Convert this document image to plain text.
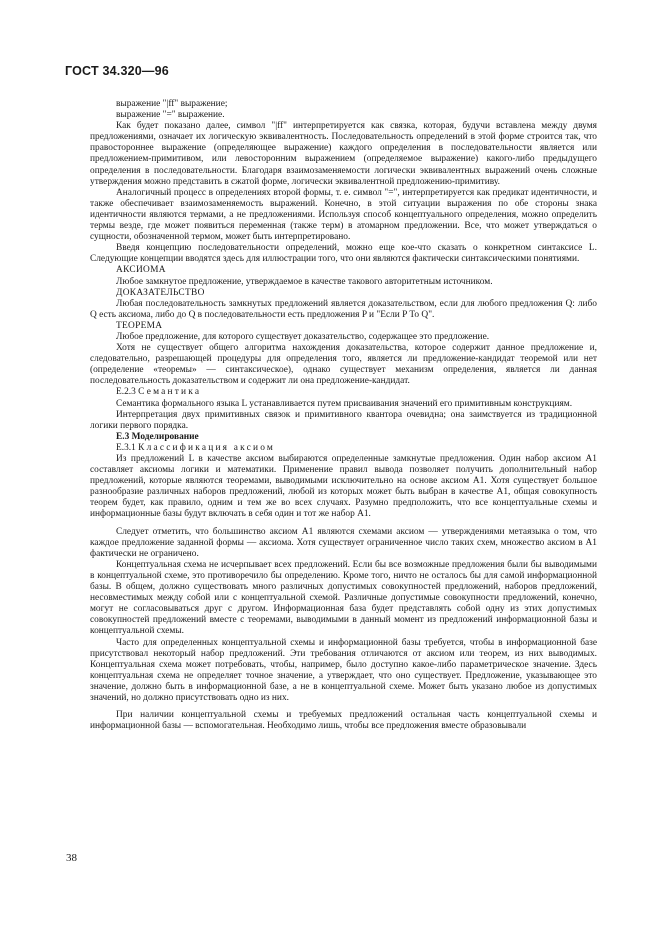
ГОСТ 34.320—96

выражение "|ff" выражение;

выражение "=" выражение.

Как будет показано далее, символ "|ff" интерпретируется как связка, которая, будучи вставлена между двумя предложениями, означает их логическую эквивалентность. Последовательность определений в этой форме строится так, что правостороннее выражение (определяющее выражение) каждого определения в последовательности является или предложением-примитивом, или левосторонним выражением (определяемое выражение) какого-либо предыдущего определения в последовательности. Благодаря взаимозаменяемости логически эквивалентных выражений очень сложные утверждения можно представить в сжатой форме, логически эквивалентной предложению-примитиву.

Аналогичный процесс в определениях второй формы, т. е. символ "=", интерпретируется как предикат идентичности, и также обеспечивает взаимозаменяемость выражений. Конечно, в этой ситуации выражения по обе стороны знака идентичности являются термами, а не предложениями. Используя способ концептуального определения, можно определить термы везде, где может появиться переменная (также терм) в атомарном предложении. Все, что может утверждаться о сущности, обозначенной термом, может быть интерпретировано.

Введя концепцию последовательности определений, можно еще кое-что сказать о конкретном синтаксисе L. Следующие концепции вводятся здесь для иллюстрации того, что они являются фактически синтаксическими понятиями.

АКСИОМА

Любое замкнутое предложение, утверждаемое в качестве такового авторитетным источником.

ДОКАЗАТЕЛЬСТВО

Любая последовательность замкнутых предложений является доказательством, если для любого предложения Q: либо Q есть аксиома, либо до Q в последовательности есть предложения P и "Если P То Q".

ТЕОРЕМА

Любое предложение, для которого существует доказательство, содержащее это предложение.

Хотя не существует общего алгоритма нахождения доказательства, которое содержит данное предложение и, следовательно, разрешающей процедуры для определения того, является ли предложение-кандидат теоремой или нет (определение «теоремы» — синтаксическое), однако существует механизм определения, является ли данная последовательность доказательством и содержит ли она предложение-кандидат.

Е.2.3 Семантика

Семантика формального языка L устанавливается путем присваивания значений его примитивным конструкциям.

Интерпретация двух примитивных связок и примитивного квантора очевидна; она заимствуется из традиционной логики первого порядка.

Е.3 Моделирование

Е.3.1 Классификация аксиом

Из предложений L в качестве аксиом выбираются определенные замкнутые предложения. Один набор аксиом A1 составляет аксиомы логики и математики. Применение правил вывода позволяет получить дополнительный набор предложений, которые являются теоремами, выводимыми исключительно на основе аксиом A1. Хотя существует большое разнообразие различных наборов предложений, любой из которых может быть выбран в качестве A1, общая совокупность теорем будет, как правило, одним и тем же во всех случаях. Разумно предположить, что все концептуальные схемы и информационные базы будут включать в себя один и тот же набор A1.

Следует отметить, что большинство аксиом A1 являются схемами аксиом — утверждениями метаязыка о том, что каждое предложение заданной формы — аксиома. Хотя существует ограниченное число таких схем, множество аксиом в A1 фактически не ограничено.

Концептуальная схема не исчерпывает всех предложений. Если бы все возможные предложения были бы выводимыми в концептуальной схеме, это противоречило бы определению. Кроме того, ничто не осталось бы для самой информационной базы. В общем, должно существовать много различных допустимых совокупностей предложений, наборов предложений, несовместимых между собой или с концептуальной схемой. Различные допустимые совокупности предложений, конечно, могут не согласовываться друг с другом. Информационная база будет представлять собой одну из этих допустимых совокупностей предложений вместе с теоремами, выводимыми в данный момент из предложений информационной базы и концептуальной схемы.

Часто для определенных концептуальной схемы и информационной базы требуется, чтобы в информационной базе присутствовал некоторый набор предложений. Эти требования отличаются от аксиом или теорем, из них выводимых. Концептуальная схема может потребовать, чтобы, например, было доступно какое-либо параметрическое значение. Здесь концептуальная схема не определяет точное значение, а утверждает, что оно существует. Предложение, указывающее это значение, должно быть в информационной базе, а не в концептуальной схеме. Может быть указано любое из допустимых значений, но должно присутствовать одно из них.

При наличии концептуальной схемы и требуемых предложений остальная часть концептуальной схемы и информационной базы — вспомогательная. Необходимо лишь, чтобы все предложения вместе образовывали

38
